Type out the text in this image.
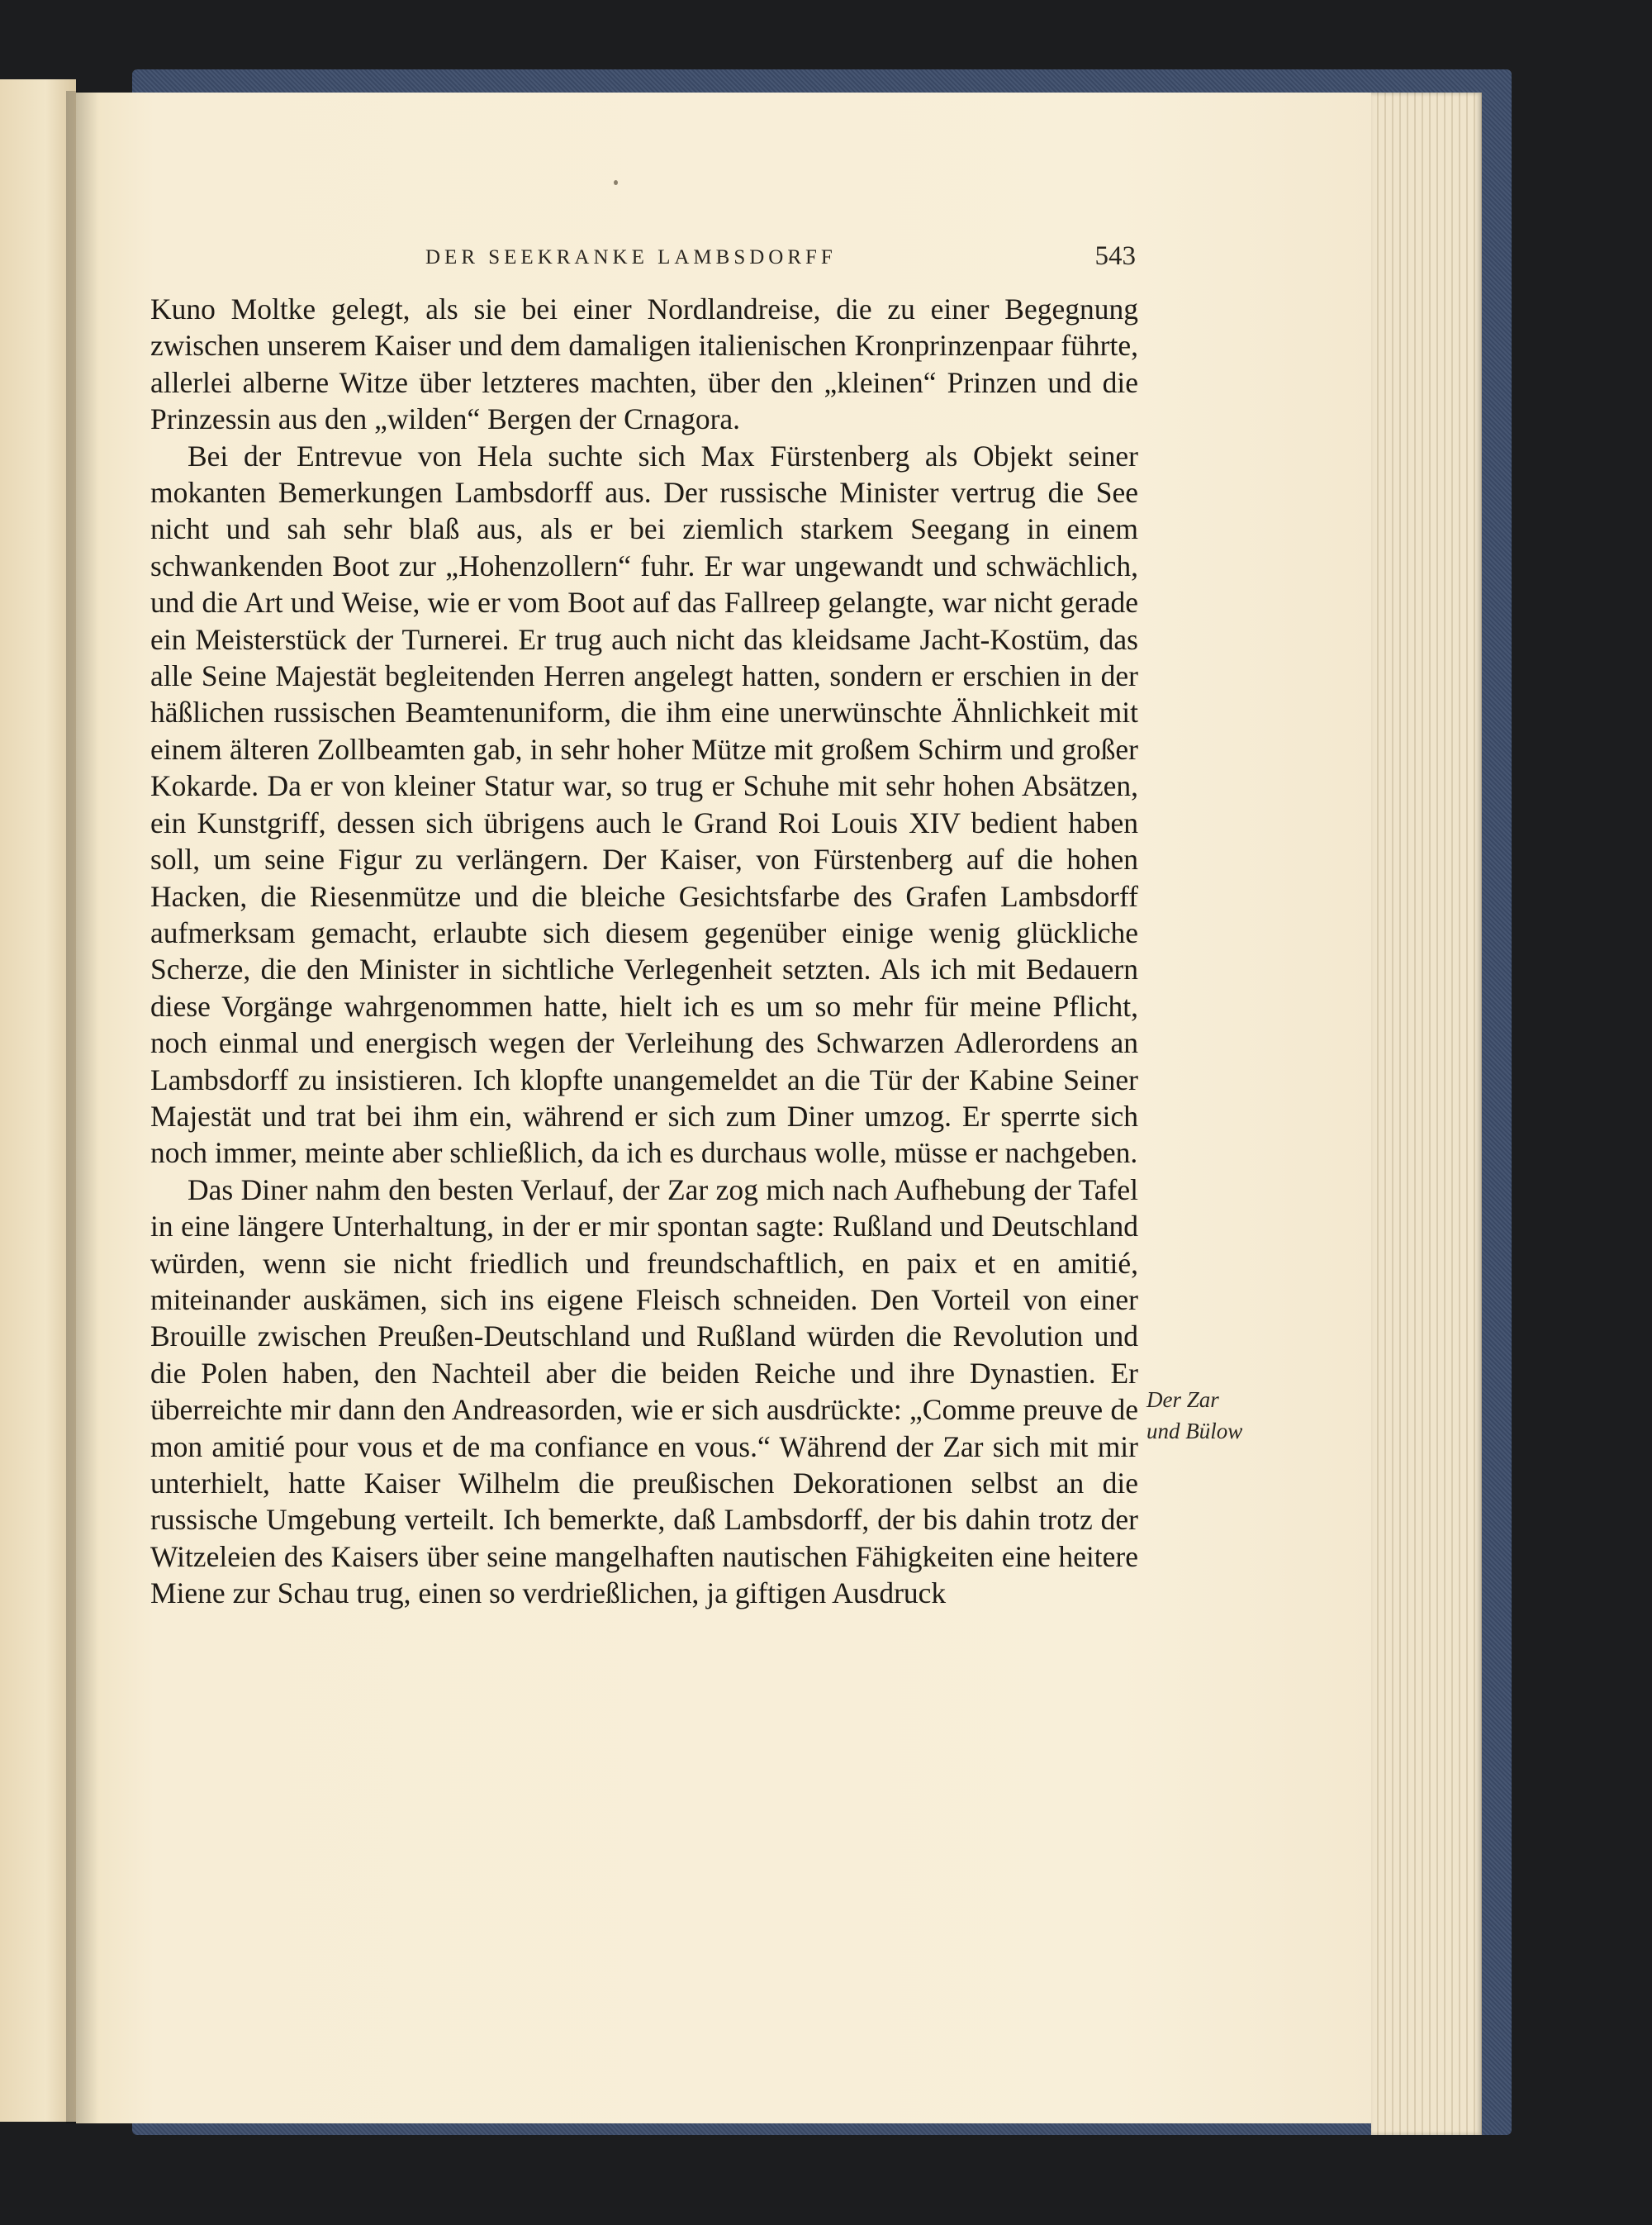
DER SEEKRANKE LAMBSDORFF	543

Kuno Moltke gelegt, als sie bei einer Nordlandreise, die zu einer Begegnung zwischen unserem Kaiser und dem damaligen italienischen Kronprinzenpaar führte, allerlei alberne Witze über letzteres machten, über den „kleinen“ Prinzen und die Prinzessin aus den „wilden“ Bergen der Crnagora.

Bei der Entrevue von Hela suchte sich Max Fürstenberg als Objekt seiner mokanten Bemerkungen Lambsdorff aus. Der russische Minister vertrug die See nicht und sah sehr blaß aus, als er bei ziemlich starkem Seegang in einem schwankenden Boot zur „Hohenzollern“ fuhr. Er war ungewandt und schwächlich, und die Art und Weise, wie er vom Boot auf das Fallreep gelangte, war nicht gerade ein Meisterstück der Turnerei. Er trug auch nicht das kleidsame Jacht-Kostüm, das alle Seine Majestät begleitenden Herren angelegt hatten, sondern er erschien in der häßlichen russischen Beamtenuniform, die ihm eine unerwünschte Ähnlichkeit mit einem älteren Zollbeamten gab, in sehr hoher Mütze mit großem Schirm und großer Kokarde. Da er von kleiner Statur war, so trug er Schuhe mit sehr hohen Absätzen, ein Kunstgriff, dessen sich übrigens auch le Grand Roi Louis XIV bedient haben soll, um seine Figur zu verlängern. Der Kaiser, von Fürstenberg auf die hohen Hacken, die Riesenmütze und die bleiche Gesichtsfarbe des Grafen Lambsdorff aufmerksam gemacht, erlaubte sich diesem gegenüber einige wenig glückliche Scherze, die den Minister in sichtliche Verlegenheit setzten. Als ich mit Bedauern diese Vorgänge wahrgenommen hatte, hielt ich es um so mehr für meine Pflicht, noch einmal und energisch wegen der Verleihung des Schwarzen Adlerordens an Lambsdorff zu insistieren. Ich klopfte unangemeldet an die Tür der Kabine Seiner Majestät und trat bei ihm ein, während er sich zum Diner umzog. Er sperrte sich noch immer, meinte aber schließlich, da ich es durchaus wolle, müsse er nachgeben.

Das Diner nahm den besten Verlauf, der Zar zog mich nach Aufhebung der Tafel in eine längere Unterhaltung, in der er mir spontan sagte: Rußland und Deutschland würden, wenn sie nicht friedlich und freundschaftlich, en paix et en amitié, miteinander auskämen, sich ins eigene Fleisch schneiden. Den Vorteil von einer Brouille zwischen Preußen-Deutschland und Rußland würden die Revolution und die Polen haben, den Nachteil aber die beiden Reiche und ihre Dynastien. Er überreichte mir dann den Andreasorden, wie er sich ausdrückte: „Comme preuve de mon amitié pour vous et de ma confiance en vous.“ Während der Zar sich mit mir unterhielt, hatte Kaiser Wilhelm die preußischen Dekorationen selbst an die russische Umgebung verteilt. Ich bemerkte, daß Lambsdorff, der bis dahin trotz der Witzeleien des Kaisers über seine mangelhaften nautischen Fähigkeiten eine heitere Miene zur Schau trug, einen so verdrießlichen, ja giftigen Ausdruck

Der Zar
und Bülow
